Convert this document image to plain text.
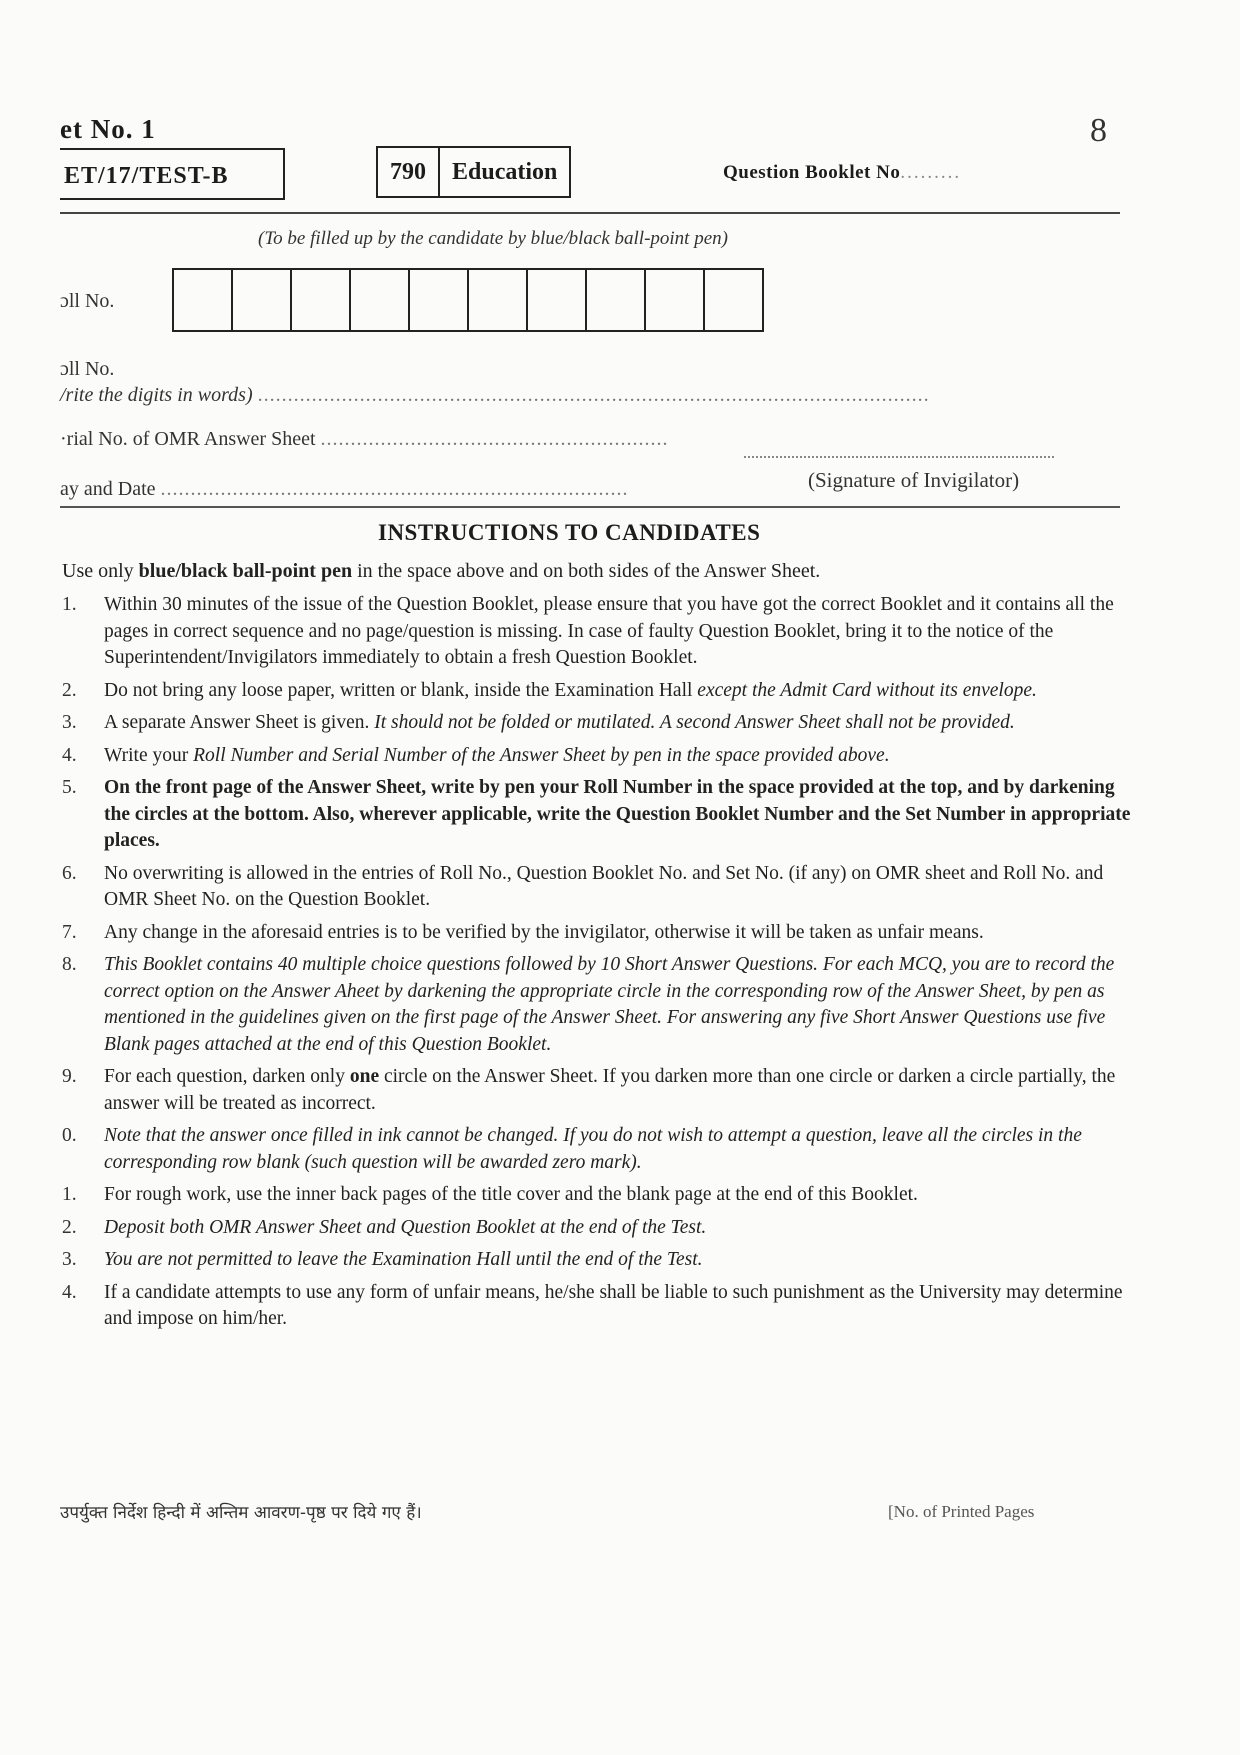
et No. 1	8
ET/17/TEST-B	790	Education	Question Booklet No.........
(To be filled up by the candidate by blue/black ball-point pen)
ɔll No.
ɔll No.
/rite the digits in words) ................................................................................................................
·rial No. of OMR Answer Sheet ..........................................................
ay and Date ..............................................................................	(Signature of Invigilator)
INSTRUCTIONS TO CANDIDATES
Use only blue/black ball-point pen in the space above and on both sides of the Answer Sheet.
1.	Within 30 minutes of the issue of the Question Booklet, please ensure that you have got the correct Booklet and it contains all the pages in correct sequence and no page/question is missing. In case of faulty Question Booklet, bring it to the notice of the Superintendent/Invigilators immediately to obtain a fresh Question Booklet.
2.	Do not bring any loose paper, written or blank, inside the Examination Hall except the Admit Card without its envelope.
3.	A separate Answer Sheet is given. It should not be folded or mutilated. A second Answer Sheet shall not be provided.
4.	Write your Roll Number and Serial Number of the Answer Sheet by pen in the space provided above.
5.	On the front page of the Answer Sheet, write by pen your Roll Number in the space provided at the top, and by darkening the circles at the bottom. Also, wherever applicable, write the Question Booklet Number and the Set Number in appropriate places.
6.	No overwriting is allowed in the entries of Roll No., Question Booklet No. and Set No. (if any) on OMR sheet and Roll No. and OMR Sheet No. on the Question Booklet.
7.	Any change in the aforesaid entries is to be verified by the invigilator, otherwise it will be taken as unfair means.
8.	This Booklet contains 40 multiple choice questions followed by 10 Short Answer Questions. For each MCQ, you are to record the correct option on the Answer Aheet by darkening the appropriate circle in the corresponding row of the Answer Sheet, by pen as mentioned in the guidelines given on the first page of the Answer Sheet. For answering any five Short Answer Questions use five Blank pages attached at the end of this Question Booklet.
9.	For each question, darken only one circle on the Answer Sheet. If you darken more than one circle or darken a circle partially, the answer will be treated as incorrect.
0.	Note that the answer once filled in ink cannot be changed. If you do not wish to attempt a question, leave all the circles in the corresponding row blank (such question will be awarded zero mark).
1.	For rough work, use the inner back pages of the title cover and the blank page at the end of this Booklet.
2.	Deposit both OMR Answer Sheet and Question Booklet at the end of the Test.
3.	You are not permitted to leave the Examination Hall until the end of the Test.
4.	If a candidate attempts to use any form of unfair means, he/she shall be liable to such punishment as the University may determine and impose on him/her.
उपर्युक्त निर्देश हिन्दी में अन्तिम आवरण-पृष्ठ पर दिये गए हैं।	[No. of Printed Pages
